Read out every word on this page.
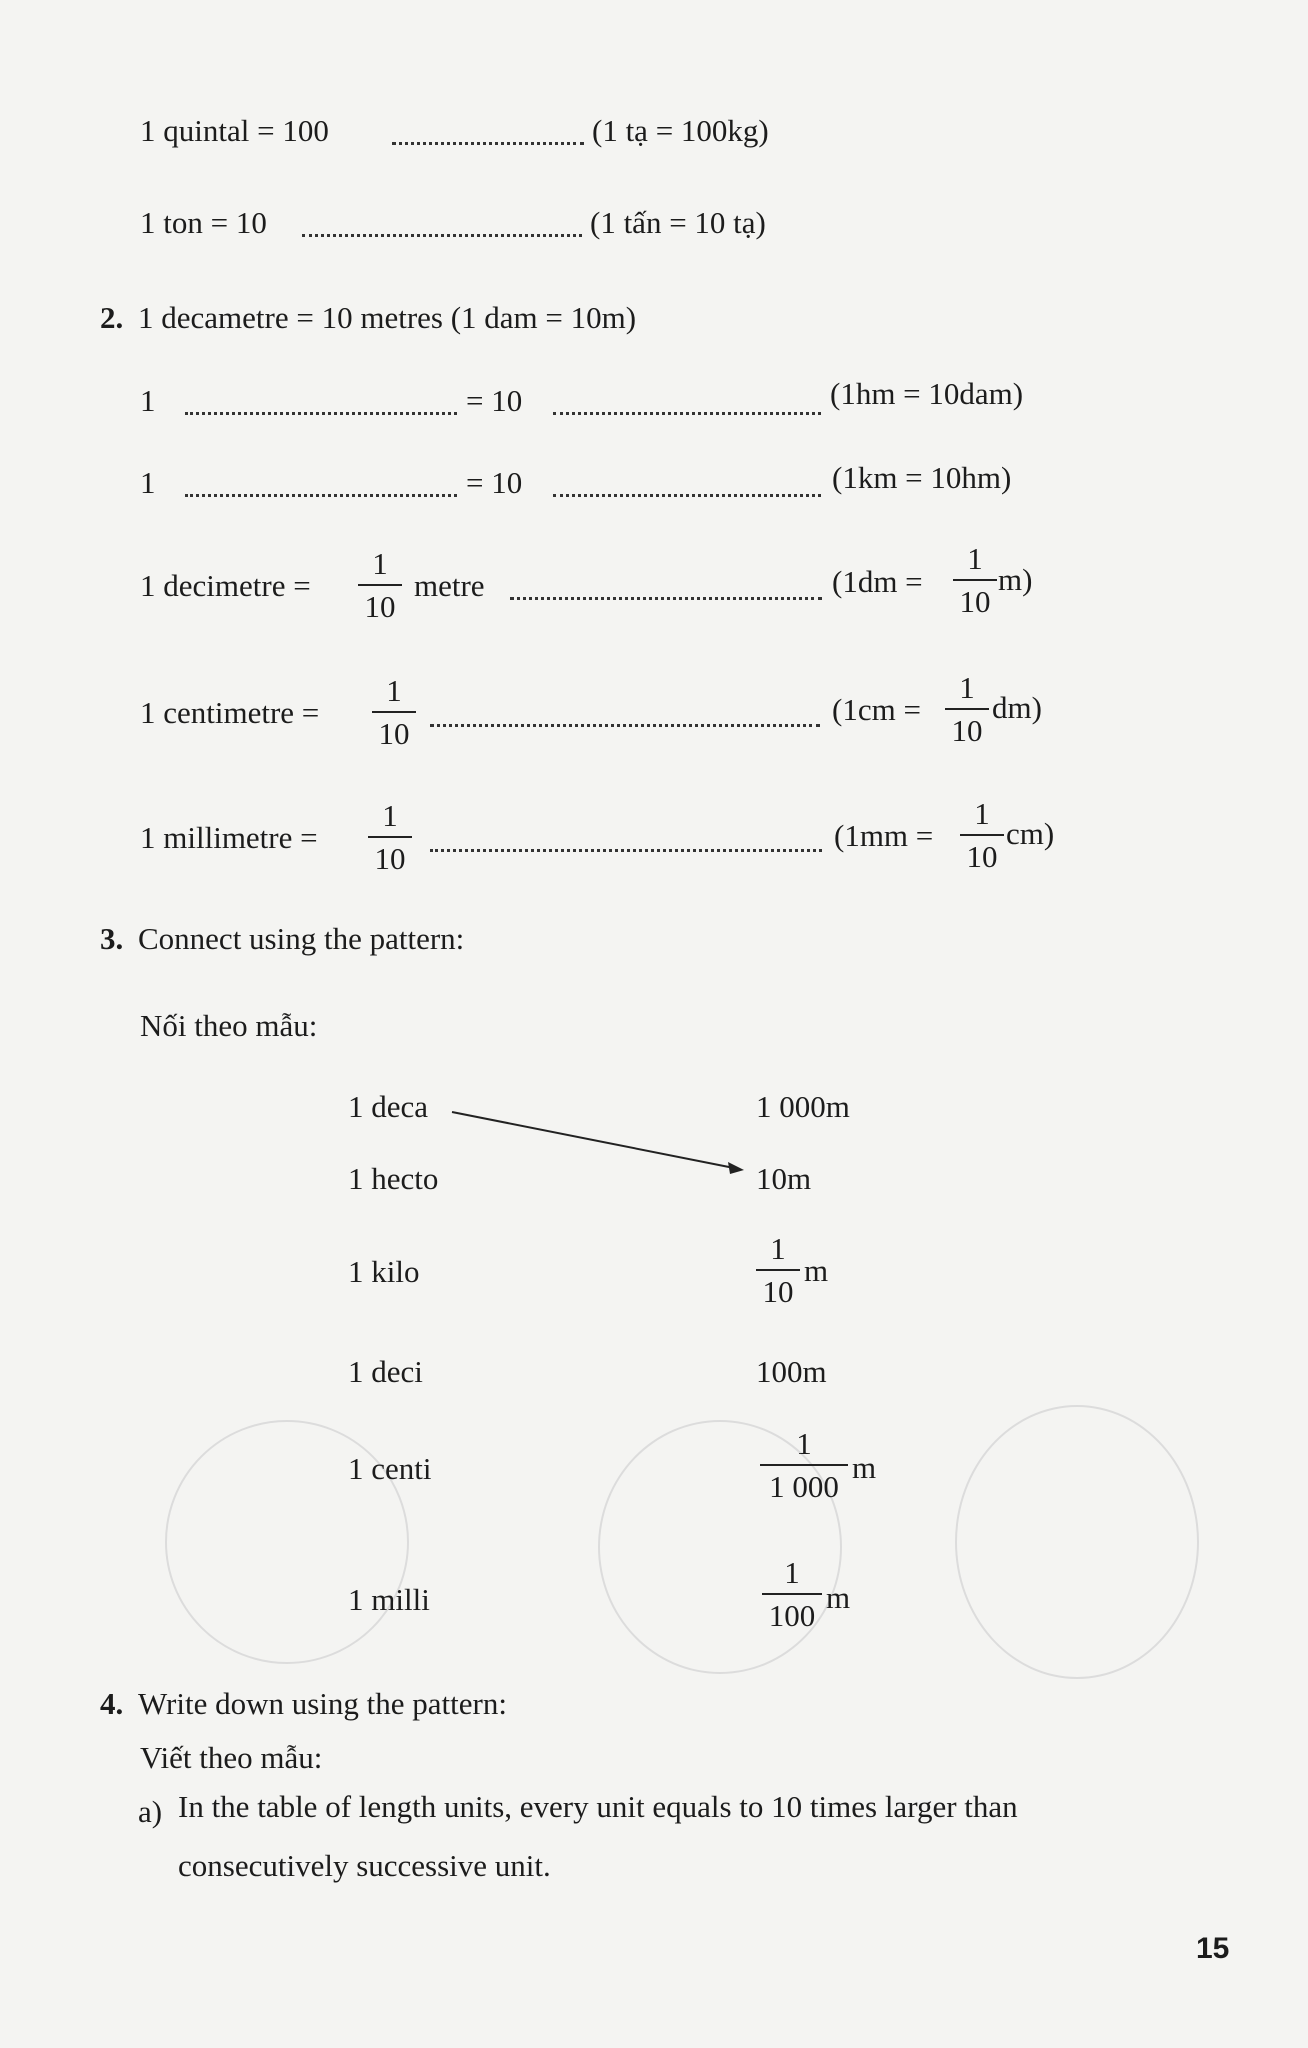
1 quintal = 100	(1 tạ = 100kg)
1 ton = 10	(1 tấn = 10 tạ)
2. 1 decametre = 10 metres (1 dam = 10m)
1	= 10	(1hm = 10dam)
1	= 10	(1km = 10hm)
1 decimetre =
1
10
metre	(1dm =
1
10
m)
1 centimetre =
1
10
(1cm =
1
10
dm)
1 millimetre =
1
10
(1mm =
1
10
cm)
3. Connect using the pattern:
Nối theo mẫu:
1 deca
1 hecto
1 kilo
1 deci
1 centi
1 milli
1 000m
10m
1
10
m
100m
1
1 000
m
1
100
m
4. Write down using the pattern:
Viết theo mẫu:
a) In the table of length units, every unit equals to 10 times larger than
consecutively successive unit.
15
